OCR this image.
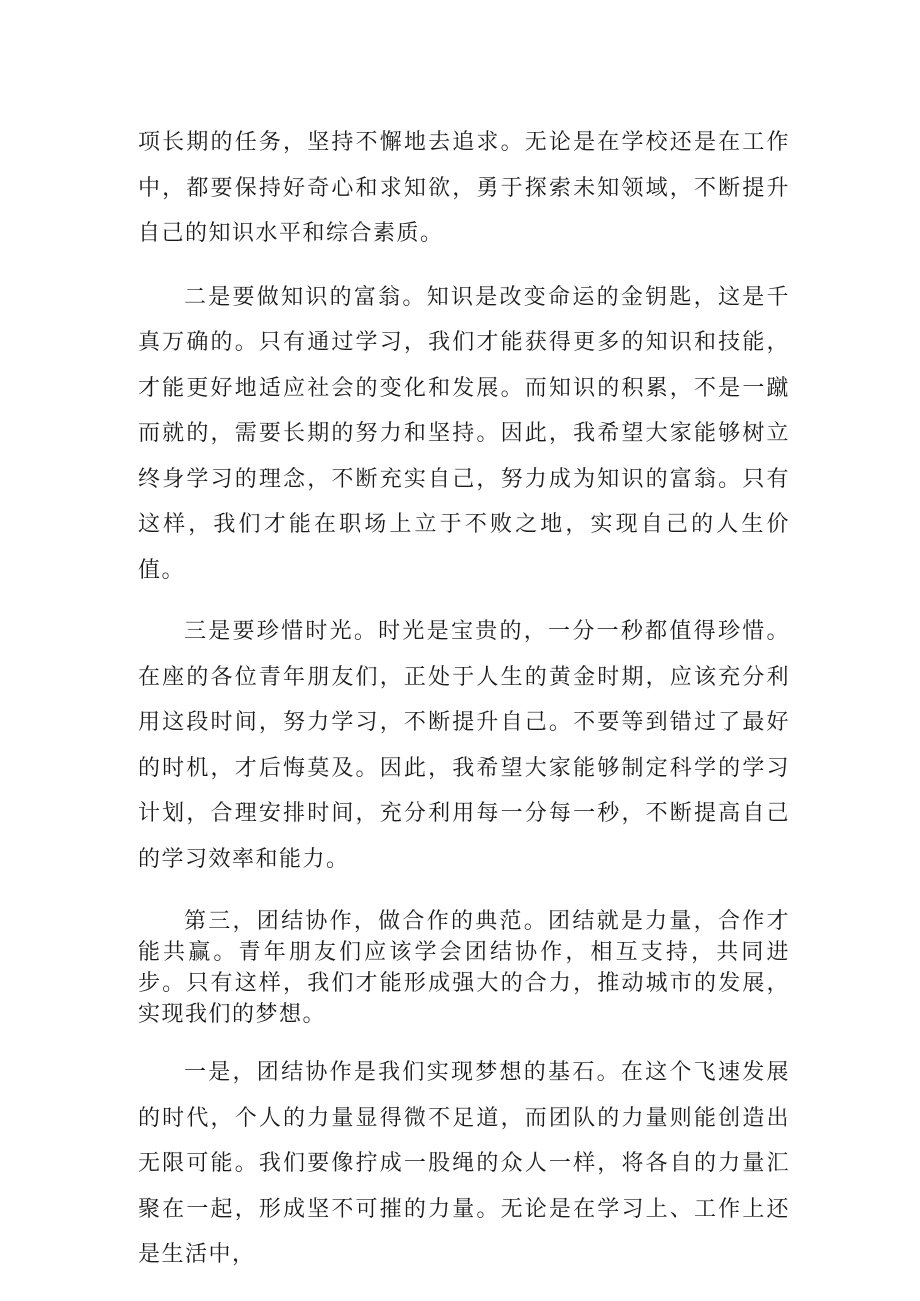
项长期的任务，坚持不懈地去追求。无论是在学校还是在工作中，都要保持好奇心和求知欲，勇于探索未知领域，不断提升自己的知识水平和综合素质。

二是要做知识的富翁。知识是改变命运的金钥匙，这是千真万确的。只有通过学习，我们才能获得更多的知识和技能，才能更好地适应社会的变化和发展。而知识的积累，不是一蹴而就的，需要长期的努力和坚持。因此，我希望大家能够树立终身学习的理念，不断充实自己，努力成为知识的富翁。只有这样，我们才能在职场上立于不败之地，实现自己的人生价值。

三是要珍惜时光。时光是宝贵的，一分一秒都值得珍惜。在座的各位青年朋友们，正处于人生的黄金时期，应该充分利用这段时间，努力学习，不断提升自己。不要等到错过了最好的时机，才后悔莫及。因此，我希望大家能够制定科学的学习计划，合理安排时间，充分利用每一分每一秒，不断提高自己的学习效率和能力。

第三，团结协作，做合作的典范。团结就是力量，合作才能共赢。青年朋友们应该学会团结协作，相互支持，共同进步。只有这样，我们才能形成强大的合力，推动城市的发展，实现我们的梦想。

一是，团结协作是我们实现梦想的基石。在这个飞速发展的时代，个人的力量显得微不足道，而团队的力量则能创造出无限可能。我们要像拧成一股绳的众人一样，将各自的力量汇聚在一起，形成坚不可摧的力量。无论是在学习上、工作上还是生活中，
